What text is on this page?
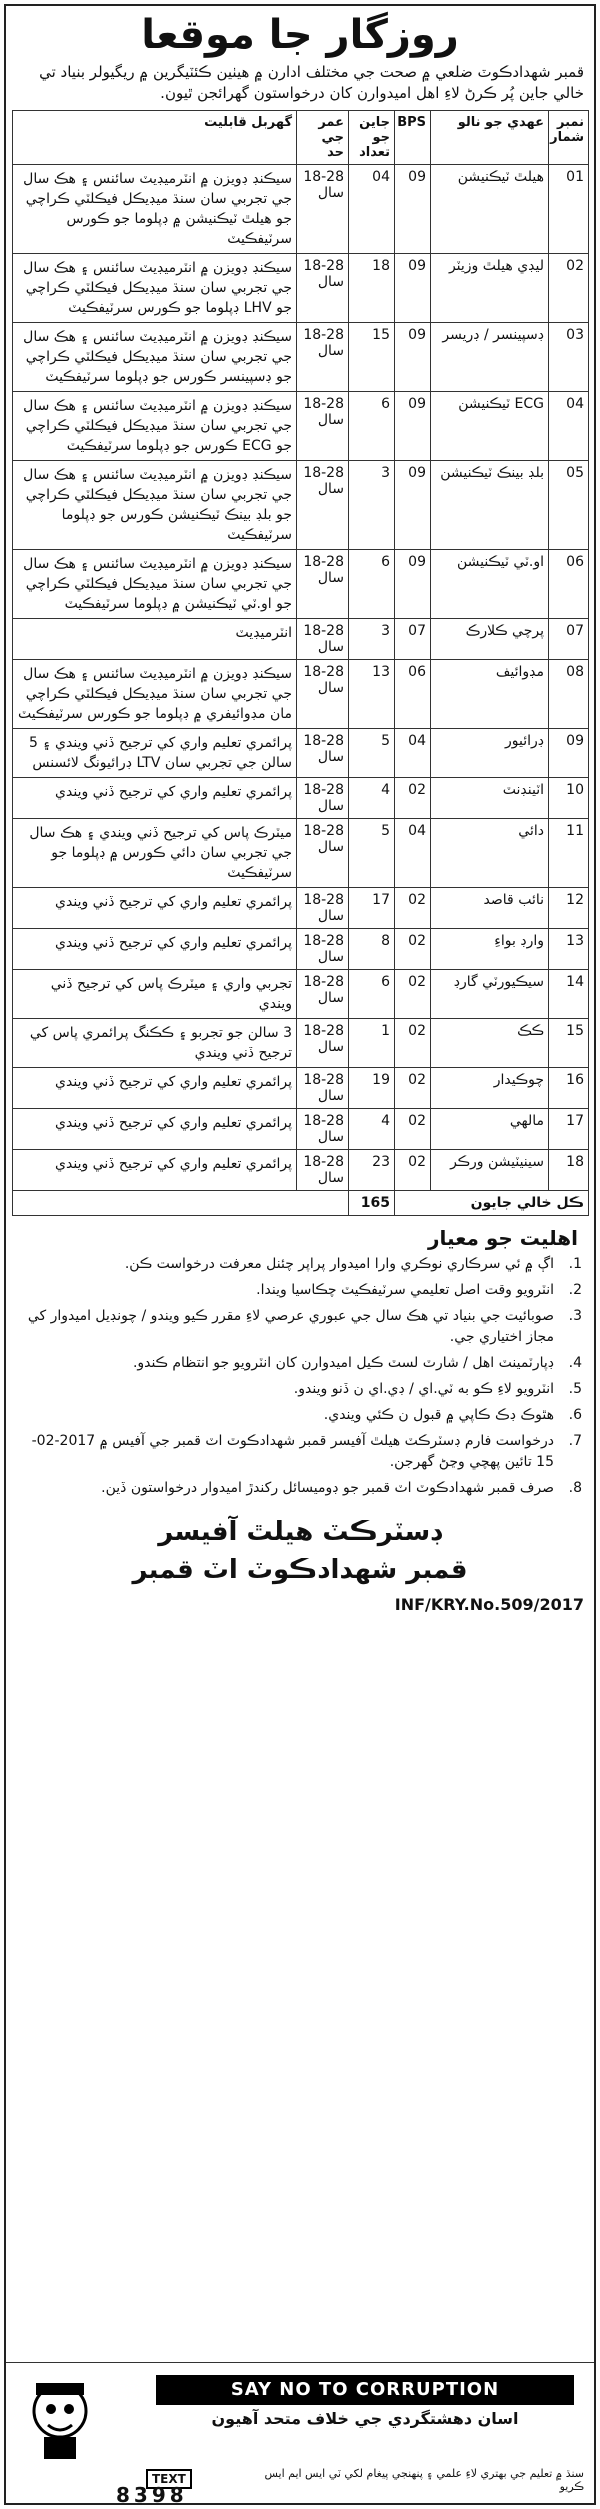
روزگار جا موقعا
قمبر شھدادڪوٽ ضلعي ۾ صحت جي مختلف ادارن ۾ ھيٺين ڪئٽيگرين ۾ ريگيولر بنياد تي خالي جاين پُر ڪرڻ لاءِ اهل اميدوارن کان درخواستون گھرائجن ٿيون.
نمبر شمار	عھدي جو نالو	BPS	جاين جو تعداد	عمر جي حد	گھربل قابليت
01	هيلٿ ٽيڪنيشن	09	04	18-28 سال	سيڪنڊ ڊويزن ۾ انٽرميڊيٽ سائنس ۽ هڪ سال جي تجربي سان سنڌ ميڊيڪل فيڪلٽي ڪراچي جو هيلٿ ٽيڪنيشن ۾ ڊپلوما جو ڪورس سرٽيفڪيٽ
02	ليڊي هيلٿ وزيٽر	09	18	18-28 سال	سيڪنڊ ڊويزن ۾ انٽرميڊيٽ سائنس ۽ هڪ سال جي تجربي سان سنڌ ميڊيڪل فيڪلٽي ڪراچي جو LHV ڊپلوما جو ڪورس سرٽيفڪيٽ
03	ڊسپينسر / ڊريسر	09	15	18-28 سال	سيڪنڊ ڊويزن ۾ انٽرميڊيٽ سائنس ۽ هڪ سال جي تجربي سان سنڌ ميڊيڪل فيڪلٽي ڪراچي جو ڊسپينسر ڪورس جو ڊپلوما سرٽيفڪيٽ
04	ECG ٽيڪنيشن	09	6	18-28 سال	سيڪنڊ ڊويزن ۾ انٽرميڊيٽ سائنس ۽ هڪ سال جي تجربي سان سنڌ ميڊيڪل فيڪلٽي ڪراچي جو ECG ڪورس جو ڊپلوما سرٽيفڪيٽ
05	بلڊ بينڪ ٽيڪنيشن	09	3	18-28 سال	سيڪنڊ ڊويزن ۾ انٽرميڊيٽ سائنس ۽ هڪ سال جي تجربي سان سنڌ ميڊيڪل فيڪلٽي ڪراچي جو بلڊ بينڪ ٽيڪنيشن ڪورس جو ڊپلوما سرٽيفڪيٽ
06	او.ٽي ٽيڪنيشن	09	6	18-28 سال	سيڪنڊ ڊويزن ۾ انٽرميڊيٽ سائنس ۽ هڪ سال جي تجربي سان سنڌ ميڊيڪل فيڪلٽي ڪراچي جو او.ٽي ٽيڪنيشن ۾ ڊپلوما سرٽيفڪيٽ
07	پرچي ڪلارڪ	07	3	18-28 سال	انٽرميڊيٽ
08	مڊوائيف	06	13	18-28 سال	سيڪنڊ ڊويزن ۾ انٽرميڊيٽ سائنس ۽ هڪ سال جي تجربي سان سنڌ ميڊيڪل فيڪلٽي ڪراچي مان مڊوائيفري ۾ ڊپلوما جو ڪورس سرٽيفڪيٽ
09	ڊرائيور	04	5	18-28 سال	پرائمري تعليم واري کي ترجيح ڏني ويندي ۽ 5 سالن جي تجربي سان LTV ڊرائيونگ لائسنس
10	اٽينڊنٽ	02	4	18-28 سال	پرائمري تعليم واري کي ترجيح ڏني ويندي
11	دائي	04	5	18-28 سال	ميٽرڪ پاس کي ترجيح ڏني ويندي ۽ هڪ سال جي تجربي سان دائي ڪورس ۾ ڊپلوما جو سرٽيفڪيٽ
12	نائب قاصد	02	17	18-28 سال	پرائمري تعليم واري کي ترجيح ڏني ويندي
13	وارڊ بواءِ	02	8	18-28 سال	پرائمري تعليم واري کي ترجيح ڏني ويندي
14	سيڪيورٽي گارڊ	02	6	18-28 سال	تجربي واري ۽ ميٽرڪ پاس کي ترجيح ڏني ويندي
15	ڪڪ	02	1	18-28 سال	3 سالن جو تجربو ۽ ڪڪنگ پرائمري پاس کي ترجيح ڏني ويندي
16	چوڪيدار	02	19	18-28 سال	پرائمري تعليم واري کي ترجيح ڏني ويندي
17	مالهي	02	4	18-28 سال	پرائمري تعليم واري کي ترجيح ڏني ويندي
18	سينيٽيشن ورڪر	02	23	18-28 سال	پرائمري تعليم واري کي ترجيح ڏني ويندي
ڪل خالي جايون			165		
اهليت جو معيار
1.
اڳ ۾ ئي سرڪاري نوڪري وارا اميدوار پراپر چئنل معرفت درخواست ڪن.
2.
انٽرويو وقت اصل تعليمي سرٽيفڪيٽ چڪاسيا ويندا.
3.
صوبائيت جي بنياد تي هڪ سال جي عبوري عرصي لاءِ مقرر ڪيو ويندو / چونڊيل اميدوار کي مجاز اختياري جي.
4.
ڊپارٽمينٽ اهل / شارٽ لسٽ ڪيل اميدوارن کان انٽرويو جو انتظام ڪندو.
5.
انٽرويو لاءِ ڪو به ٽي.اي / ڊي.اي ن ڏنو ويندو.
6.
هٿوڪ ڊڪ ڪاپي ۾ قبول ن ڪئي ويندي.
7.
درخواست فارم ڊسٽرڪٽ هيلٿ آفيسر قمبر شھدادڪوٽ اٽ قمبر جي آفيس ۾ 2017-02-15 تائين پهچي وڃڻ گهرجن.
8.
صرف قمبر شھدادڪوٽ اٽ قمبر جو ڊوميسائل رکندڙ اميدوار درخواستون ڏين.
ڊسٽرڪٽ هيلٿ آفيسر
قمبر شھدادڪوٽ اٽ قمبر
INF/KRY.No.509/2017
SAY NO TO CORRUPTION
اسان دهشتگردي جي خلاف متحد آهيون
TEXT
8398
سنڌ ۾ تعليم جي بهتري لاءِ علمي ۽ پنهنجي پيغام لکي ٽي ايس ايم ايس ڪريو
